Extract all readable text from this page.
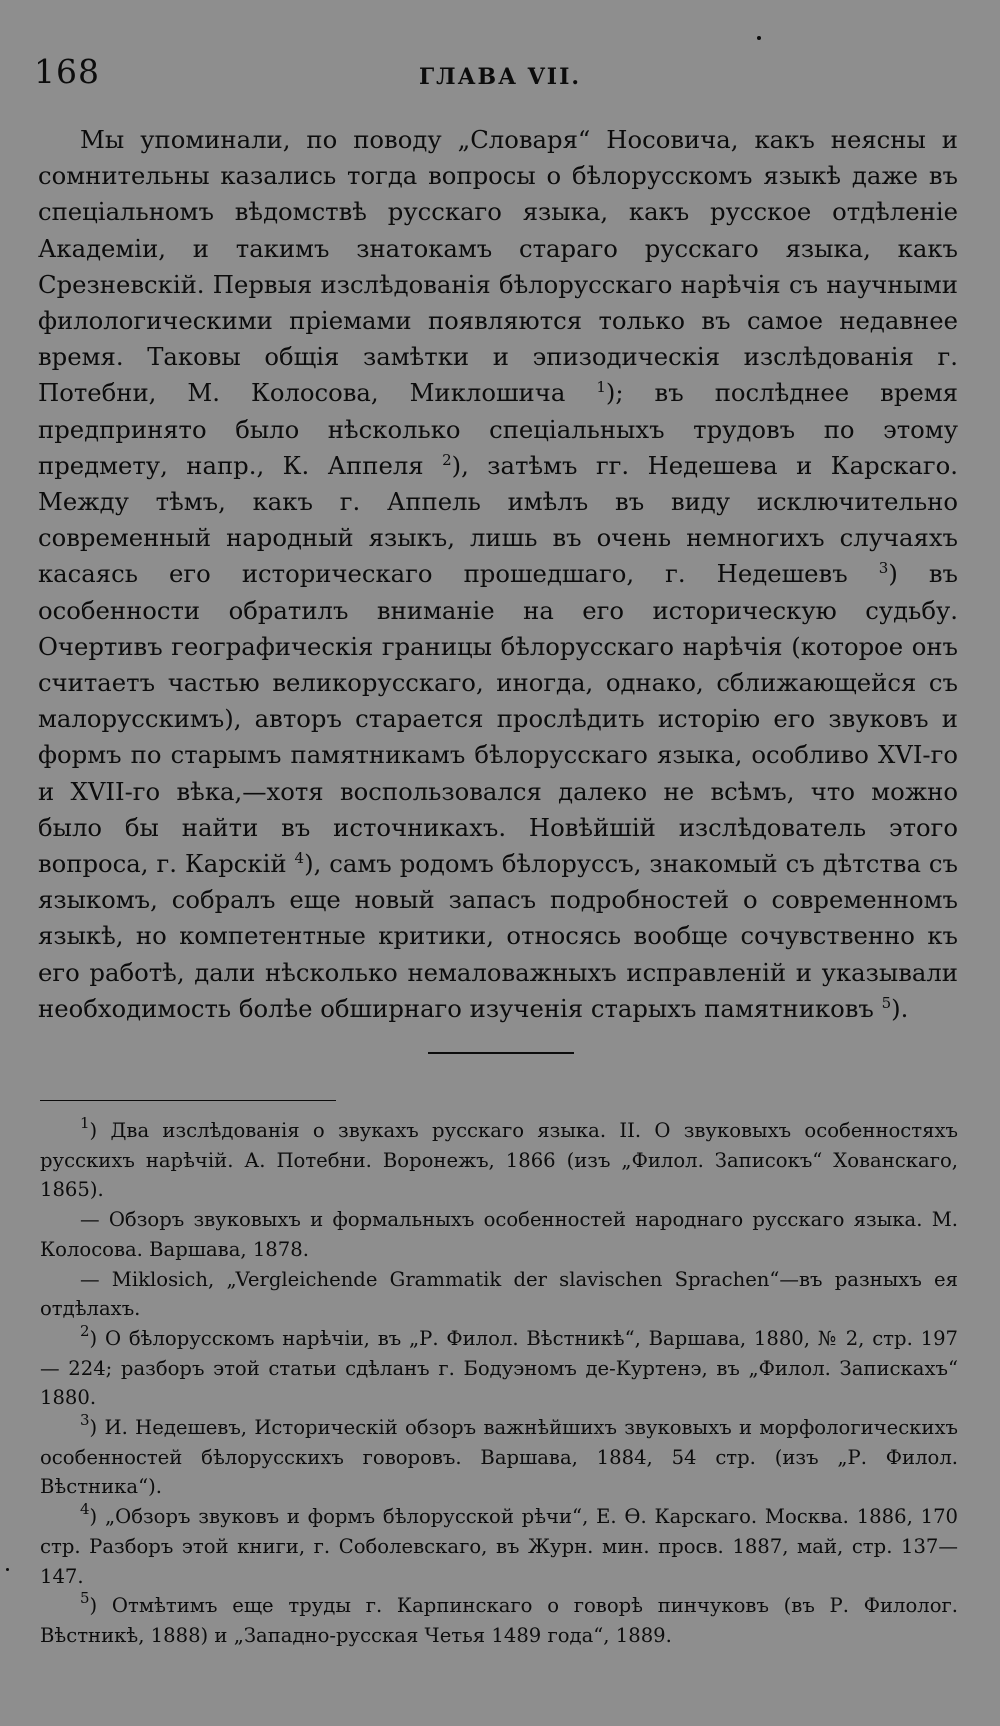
168	ГЛАВА VII.

Мы упоминали, по поводу „Словаря“ Носовича, какъ неясны и сомнительны казались тогда вопросы о бѣлорусскомъ языкѣ даже въ спеціальномъ вѣдомствѣ русскаго языка, какъ русское отдѣленіе Академіи, и такимъ знатокамъ стараго русскаго языка, какъ Срезневскій. Первыя изслѣдованія бѣлорусскаго нарѣчія съ научными филологическими пріемами появляются только въ самое недавнее время. Таковы общія замѣтки и эпизодическія изслѣдованія г. Потебни, М. Колосова, Миклошича $^1$); въ послѣднее время предпринято было нѣсколько спеціальныхъ трудовъ по этому предмету, напр., К. Аппеля $^2$), затѣмъ гг. Недешева и Карскаго. Между тѣмъ, какъ г. Аппель имѣлъ въ виду исключительно современный народный языкъ, лишь въ очень немногихъ случаяхъ касаясь его историческаго прошедшаго, г. Недешевъ $^3$) въ особенности обратилъ вниманіе на его историческую судьбу. Очертивъ географическія границы бѣлорусскаго нарѣчія (которое онъ считаетъ частью великорусскаго, иногда, однако, сближающейся съ малорусскимъ), авторъ старается прослѣдить исторію его звуковъ и формъ по старымъ памятникамъ бѣлорусскаго языка, особливо XVI-го и XVII-го вѣка,—хотя воспользовался далеко не всѣмъ, что можно было бы найти въ источникахъ. Новѣйшій изслѣдователь этого вопроса, г. Карскій $^4$), самъ родомъ бѣлоруссъ, знакомый съ дѣтства съ языкомъ, собралъ еще новый запасъ подробностей о современномъ языкѣ, но компетентные критики, относясь вообще сочувственно къ его работѣ, дали нѣсколько немаловажныхъ исправленій и указывали необходимость болѣе обширнаго изученія старыхъ памятниковъ $^5$).

$^1$) Два изслѣдованія о звукахъ русскаго языка. II. О звуковыхъ особенностяхъ русскихъ нарѣчій. А. Потебни. Воронежъ, 1866 (изъ „Филол. Записокъ“ Хованскаго, 1865).

— Обзоръ звуковыхъ и формальныхъ особенностей народнаго русскаго языка. М. Колосова. Варшава, 1878.

— Miklosich, „Vergleichende Grammatik der slavischen Sprachen“—въ разныхъ ея отдѣлахъ.

$^2$) О бѣлорусскомъ нарѣчіи, въ „Р. Филол. Вѣстникѣ“, Варшава, 1880, № 2, стр. 197 — 224; разборъ этой статьи сдѣланъ г. Бодуэномъ де-Куртенэ, въ „Филол. Запискахъ“ 1880.

$^3$) И. Недешевъ, Историческій обзоръ важнѣйшихъ звуковыхъ и морфологическихъ особенностей бѣлорусскихъ говоровъ. Варшава, 1884, 54 стр. (изъ „Р. Филол. Вѣстника“).

$^4$) „Обзоръ звуковъ и формъ бѣлорусской рѣчи“, Е. Ѳ. Карскаго. Москва. 1886, 170 стр. Разборъ этой книги, г. Соболевскаго, въ Журн. мин. просв. 1887, май, стр. 137—147.

$^5$) Отмѣтимъ еще труды г. Карпинскаго о говорѣ пинчуковъ (въ Р. Филолог. Вѣстникѣ, 1888) и „Западно-русская Четья 1489 года“, 1889.
